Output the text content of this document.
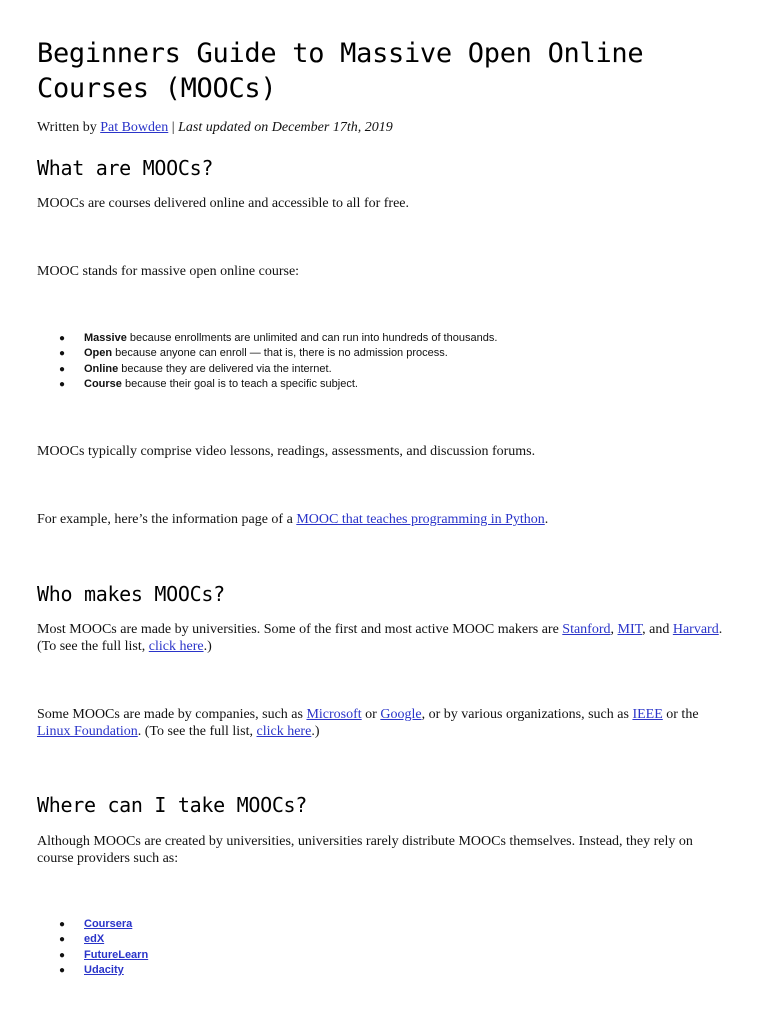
Beginners Guide to Massive Open Online Courses (MOOCs)
Written by Pat Bowden | Last updated on December 17th, 2019
What are MOOCs?

MOOCs are courses delivered online and accessible to all for free.

MOOC stands for massive open online course:

● Massive because enrollments are unlimited and can run into hundreds of thousands.
● Open because anyone can enroll — that is, there is no admission process.
● Online because they are delivered via the internet.
● Course because their goal is to teach a specific subject.

MOOCs typically comprise video lessons, readings, assessments, and discussion forums.

For example, here’s the information page of a MOOC that teaches programming in Python.

Who makes MOOCs?

Most MOOCs are made by universities. Some of the first and most active MOOC makers are Stanford, MIT, and Harvard. (To see the full list, click here.)

Some MOOCs are made by companies, such as Microsoft or Google, or by various organizations, such as IEEE or the Linux Foundation. (To see the full list, click here.)

Where can I take MOOCs?

Although MOOCs are created by universities, universities rarely distribute MOOCs themselves. Instead, they rely on course providers such as:

● Coursera
● edX
● FutureLearn
● Udacity
